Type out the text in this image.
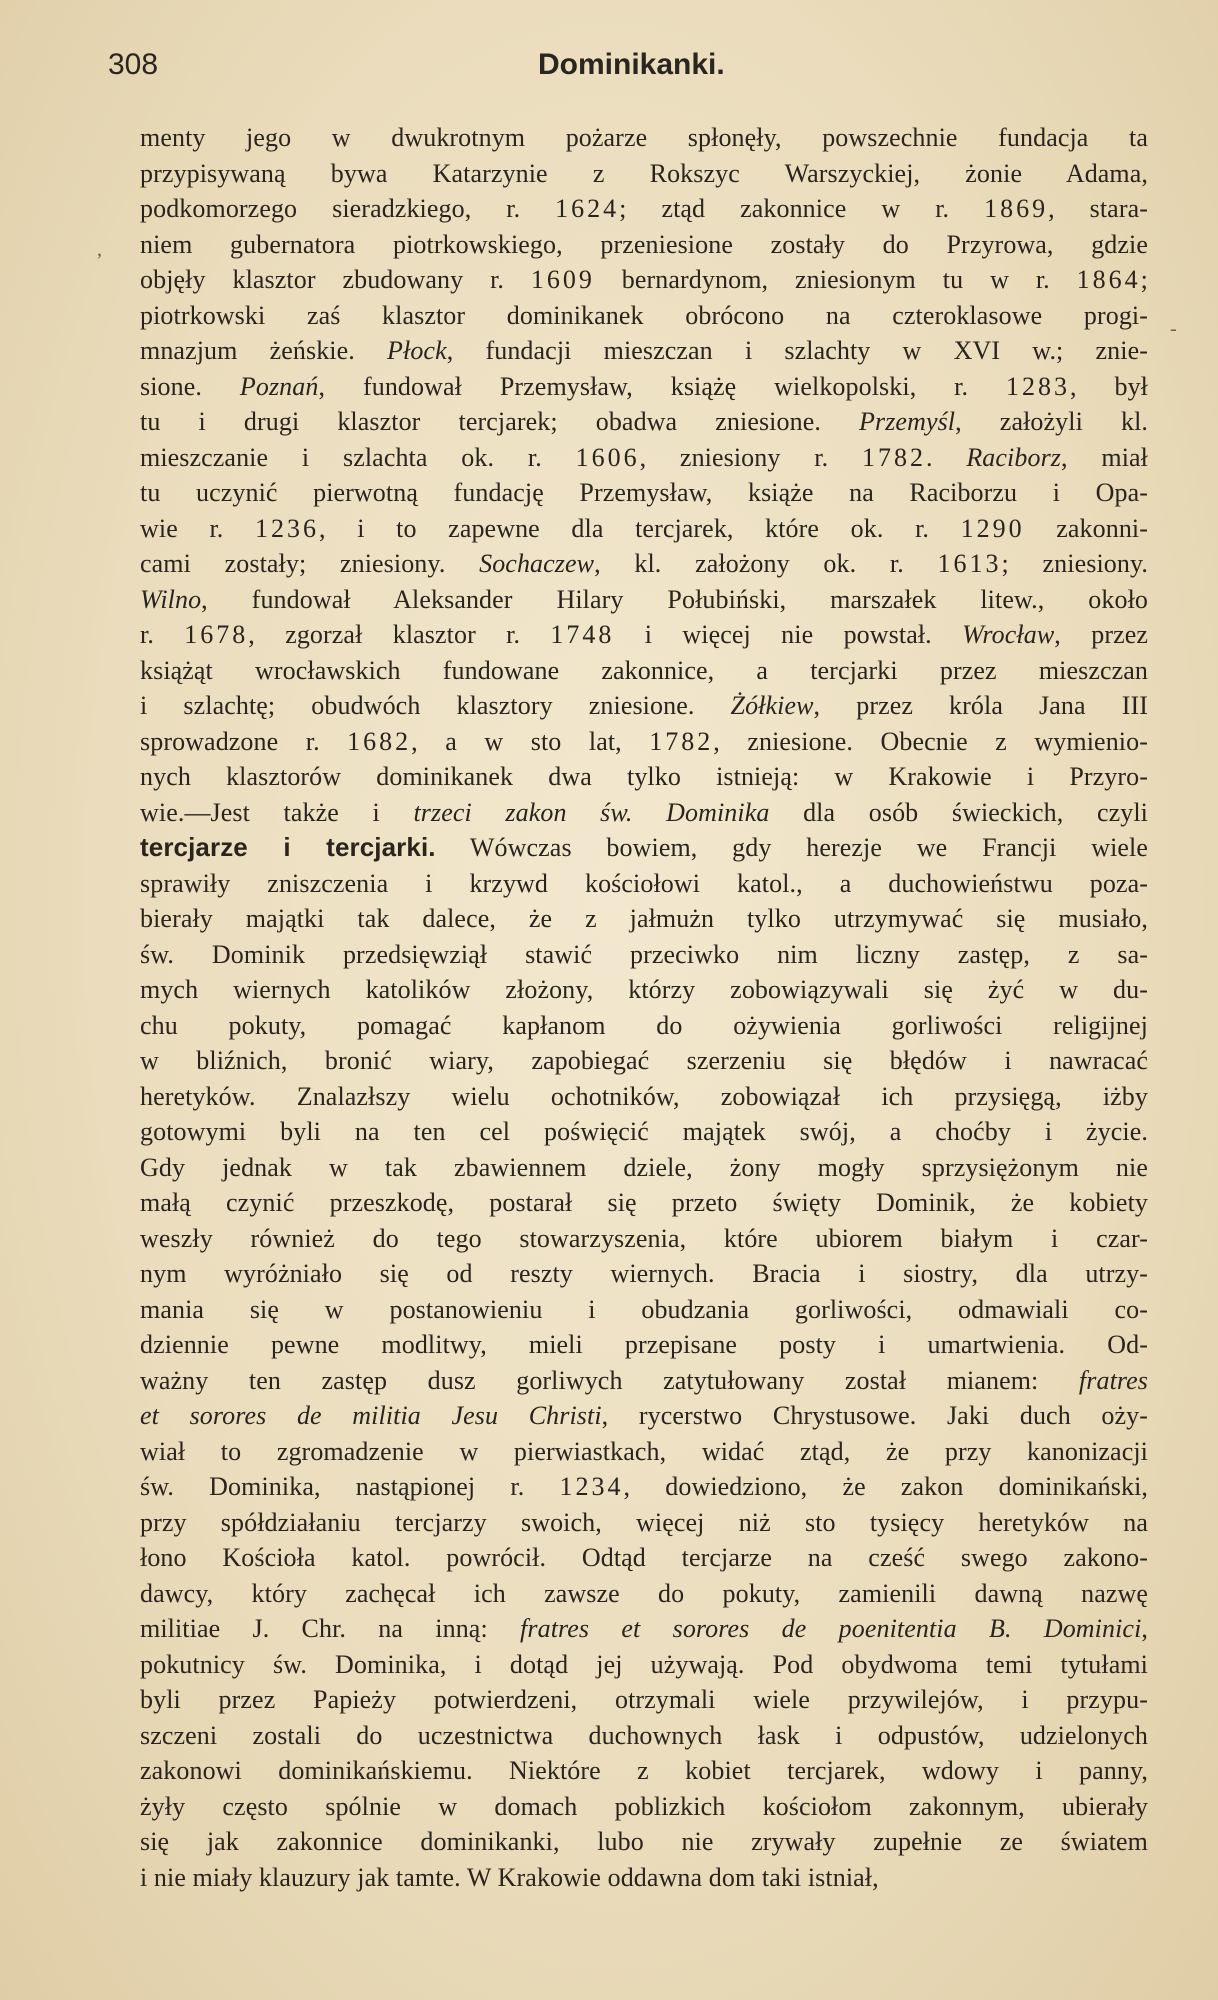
308	Dominikanki.
ʼ
-
menty jego w dwukrotnym pożarze spłonęły, powszechnie fundacja ta
przypisywaną bywa Katarzynie z Rokszyc Warszyckiej, żonie Adama,
podkomorzego sieradzkiego, r. 1624; ztąd zakonnice w r. 1869, stara-
niem gubernatora piotrkowskiego, przeniesione zostały do Przyrowa, gdzie
objęły klasztor zbudowany r. 1609 bernardynom, zniesionym tu w r. 1864;
piotrkowski zaś klasztor dominikanek obrócono na czteroklasowe progi-
mnazjum żeńskie. Płock, fundacji mieszczan i szlachty w XVI w.; znie-
sione. Poznań, fundował Przemysław, książę wielkopolski, r. 1283, był
tu i drugi klasztor tercjarek; obadwa zniesione. Przemyśl, założyli kl.
mieszczanie i szlachta ok. r. 1606, zniesiony r. 1782. Raciborz, miał
tu uczynić pierwotną fundację Przemysław, książe na Raciborzu i Opa-
wie r. 1236, i to zapewne dla tercjarek, które ok. r. 1290 zakonni-
cami zostały; zniesiony. Sochaczew, kl. założony ok. r. 1613; zniesiony.
Wilno, fundował Aleksander Hilary Połubiński, marszałek litew., około
r. 1678, zgorzał klasztor r. 1748 i więcej nie powstał. Wrocław, przez
książąt wrocławskich fundowane zakonnice, a tercjarki przez mieszczan
i szlachtę; obudwóch klasztory zniesione. Żółkiew, przez króla Jana III
sprowadzone r. 1682, a w sto lat, 1782, zniesione. Obecnie z wymienio-
nych klasztorów dominikanek dwa tylko istnieją: w Krakowie i Przyro-
wie.—Jest także i trzeci zakon św. Dominika dla osób świeckich, czyli
tercjarze i tercjarki. Wówczas bowiem, gdy herezje we Francji wiele
sprawiły zniszczenia i krzywd kościołowi katol., a duchowieństwu poza-
bierały majątki tak dalece, że z jałmużn tylko utrzymywać się musiało,
św. Dominik przedsięwziął stawić przeciwko nim liczny zastęp, z sa-
mych wiernych katolików złożony, którzy zobowiązywali się żyć w du-
chu pokuty, pomagać kapłanom do ożywienia gorliwości religijnej
w bliźnich, bronić wiary, zapobiegać szerzeniu się błędów i nawracać
heretyków. Znalazłszy wielu ochotników, zobowiązał ich przysięgą, iżby
gotowymi byli na ten cel poświęcić majątek swój, a choćby i życie.
Gdy jednak w tak zbawiennem dziele, żony mogły sprzysiężonym nie
małą czynić przeszkodę, postarał się przeto święty Dominik, że kobiety
weszły również do tego stowarzyszenia, które ubiorem białym i czar-
nym wyróżniało się od reszty wiernych. Bracia i siostry, dla utrzy-
mania się w postanowieniu i obudzania gorliwości, odmawiali co-
dziennie pewne modlitwy, mieli przepisane posty i umartwienia. Od-
ważny ten zastęp dusz gorliwych zatytułowany został mianem: fratres
et sorores de militia Jesu Christi, rycerstwo Chrystusowe. Jaki duch oży-
wiał to zgromadzenie w pierwiastkach, widać ztąd, że przy kanonizacji
św. Dominika, nastąpionej r. 1234, dowiedziono, że zakon dominikański,
przy spółdziałaniu tercjarzy swoich, więcej niż sto tysięcy heretyków na
łono Kościoła katol. powrócił. Odtąd tercjarze na cześć swego zakono-
dawcy, który zachęcał ich zawsze do pokuty, zamienili dawną nazwę
militiae J. Chr. na inną: fratres et sorores de poenitentia B. Dominici,
pokutnicy św. Dominika, i dotąd jej używają. Pod obydwoma temi tytułami
byli przez Papieży potwierdzeni, otrzymali wiele przywilejów, i przypu-
szczeni zostali do uczestnictwa duchownych łask i odpustów, udzielonych
zakonowi dominikańskiemu. Niektóre z kobiet tercjarek, wdowy i panny,
żyły często spólnie w domach poblizkich kościołom zakonnym, ubierały
się jak zakonnice dominikanki, lubo nie zrywały zupełnie ze światem
i nie miały klauzury jak tamte. W Krakowie oddawna dom taki istniał,
